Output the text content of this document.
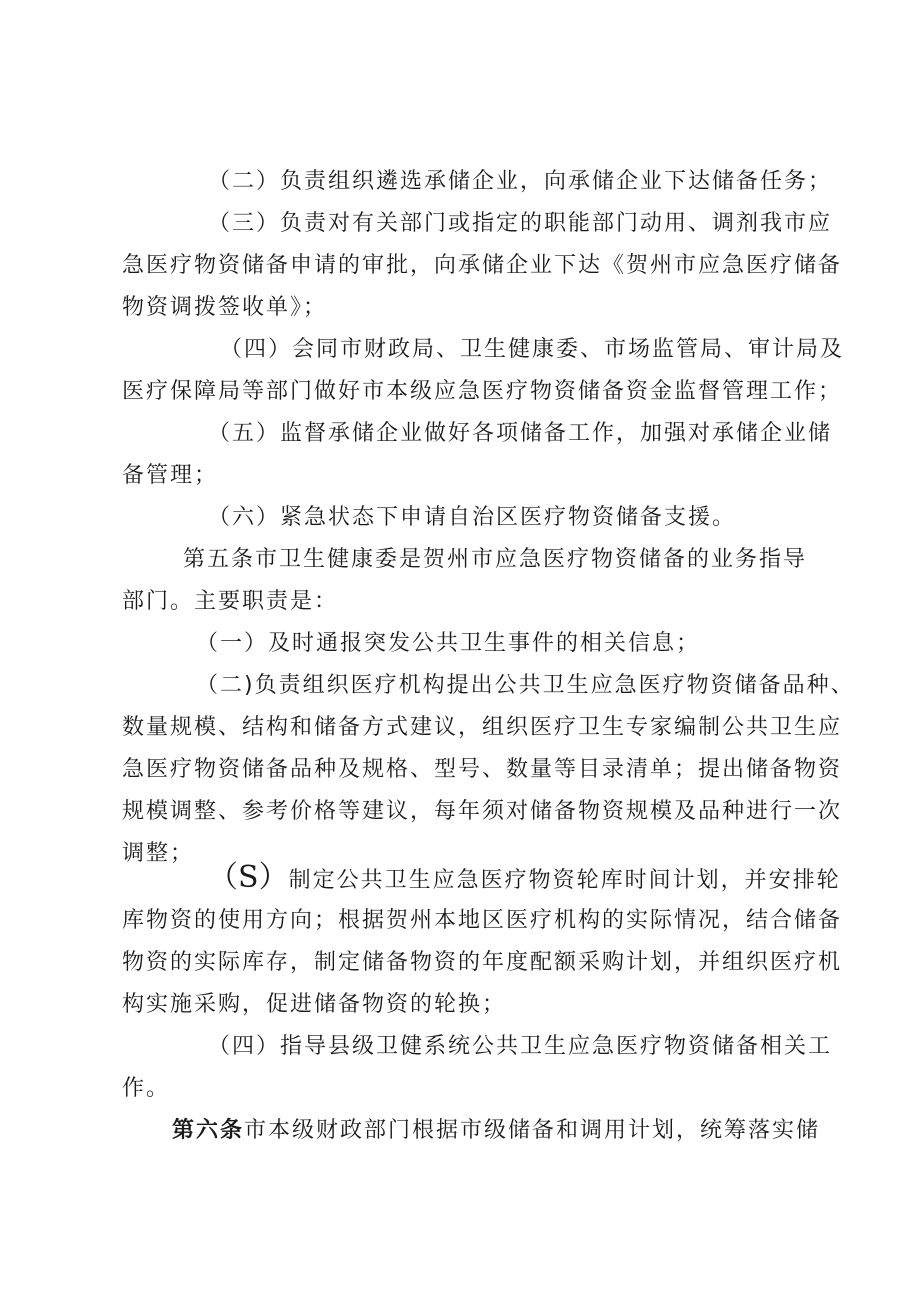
（二）负责组织遴选承储企业，向承储企业下达储备任务；
（三）负责对有关部门或指定的职能部门动用、调剂我市应
急医疗物资储备申请的审批，向承储企业下达《贺州市应急医疗储备
物资调拨签收单》；
（四）会同市财政局、卫生健康委、市场监管局、审计局及
医疗保障局等部门做好市本级应急医疗物资储备资金监督管理工作；
（五）监督承储企业做好各项储备工作，加强对承储企业储
备管理；
（六）紧急状态下申请自治区医疗物资储备支援。
第五条市卫生健康委是贺州市应急医疗物资储备的业务指导
部门。主要职责是：
（一）及时通报突发公共卫生事件的相关信息；
（二)负责组织医疗机构提出公共卫生应急医疗物资储备品种、
数量规模、结构和储备方式建议，组织医疗卫生专家编制公共卫生应
急医疗物资储备品种及规格、型号、数量等目录清单；提出储备物资
规模调整、参考价格等建议，每年须对储备物资规模及品种进行一次
调整；
（S）制定公共卫生应急医疗物资轮库时间计划，并安排轮
库物资的使用方向；根据贺州本地区医疗机构的实际情况，结合储备
物资的实际库存，制定储备物资的年度配额采购计划，并组织医疗机
构实施采购，促进储备物资的轮换；
（四）指导县级卫健系统公共卫生应急医疗物资储备相关工
作。
第六条市本级财政部门根据市级储备和调用计划，统筹落实储
